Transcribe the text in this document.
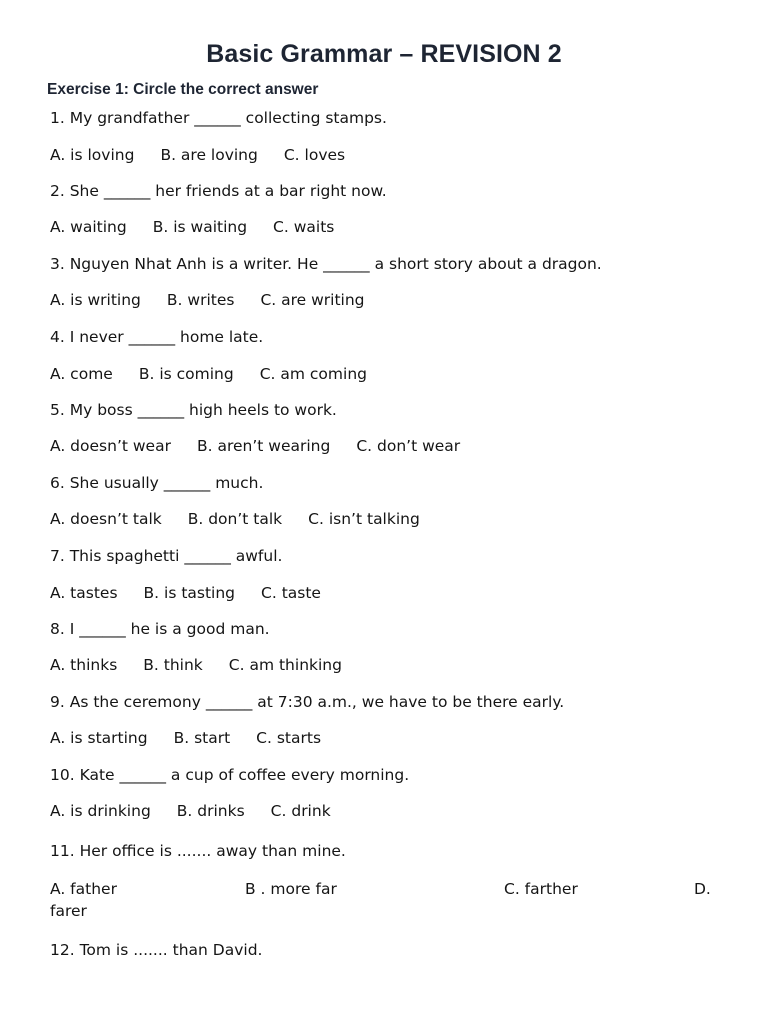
Basic Grammar – REVISION 2
Exercise 1: Circle the correct answer
1. My grandfather ______ collecting stamps.
A. is loving B. are loving C. loves
2. She ______ her friends at a bar right now.
A. waiting B. is waiting C. waits
3. Nguyen Nhat Anh is a writer. He ______ a short story about a dragon.
A. is writing B. writes C. are writing
4. I never ______ home late.
A. come B. is coming C. am coming
5. My boss ______ high heels to work.
A. doesn’t wear B. aren’t wearing C. don’t wear
6. She usually ______ much.
A. doesn’t talk B. don’t talk C. isn’t talking
7. This spaghetti ______ awful.
A. tastes B. is tasting C. taste
8. I ______ he is a good man.
A. thinks B. think C. am thinking
9. As the ceremony ______ at 7:30 a.m., we have to be there early.
A. is starting B. start C. starts
10. Kate ______ a cup of coffee every morning.
A. is drinking B. drinks C. drink
11. Her office is ....... away than mine.
A. father	B . more far	C. farther	D.
farer
12. Tom is ....... than David.
